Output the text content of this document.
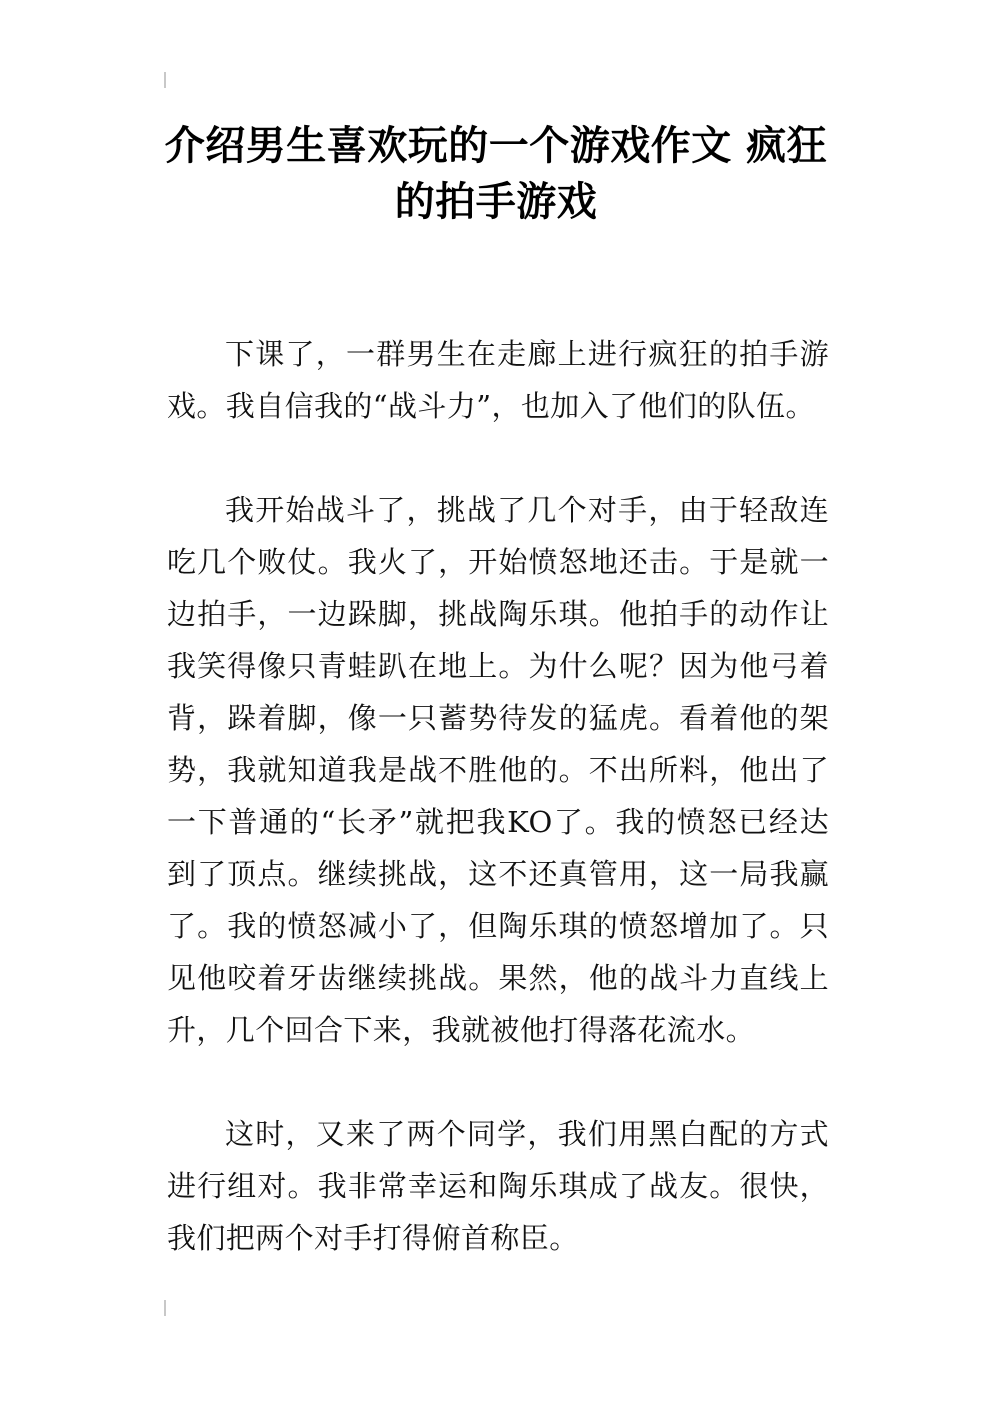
介绍男生喜欢玩的一个游戏作文 疯狂的拍手游戏

下课了，一群男生在走廊上进行疯狂的拍手游戏。我自信我的“战斗力”，也加入了他们的队伍。

我开始战斗了，挑战了几个对手，由于轻敌连吃几个败仗。我火了，开始愤怒地还击。于是就一边拍手，一边跺脚，挑战陶乐琪。他拍手的动作让我笑得像只青蛙趴在地上。为什么呢？因为他弓着背，跺着脚，像一只蓄势待发的猛虎。看着他的架势，我就知道我是战不胜他的。不出所料，他出了一下普通的“长矛”就把我KO了。我的愤怒已经达到了顶点。继续挑战，这不还真管用，这一局我赢了。我的愤怒减小了，但陶乐琪的愤怒增加了。只见他咬着牙齿继续挑战。果然，他的战斗力直线上升，几个回合下来，我就被他打得落花流水。

这时，又来了两个同学，我们用黑白配的方式进行组对。我非常幸运和陶乐琪成了战友。很快，我们把两个对手打得俯首称臣。
